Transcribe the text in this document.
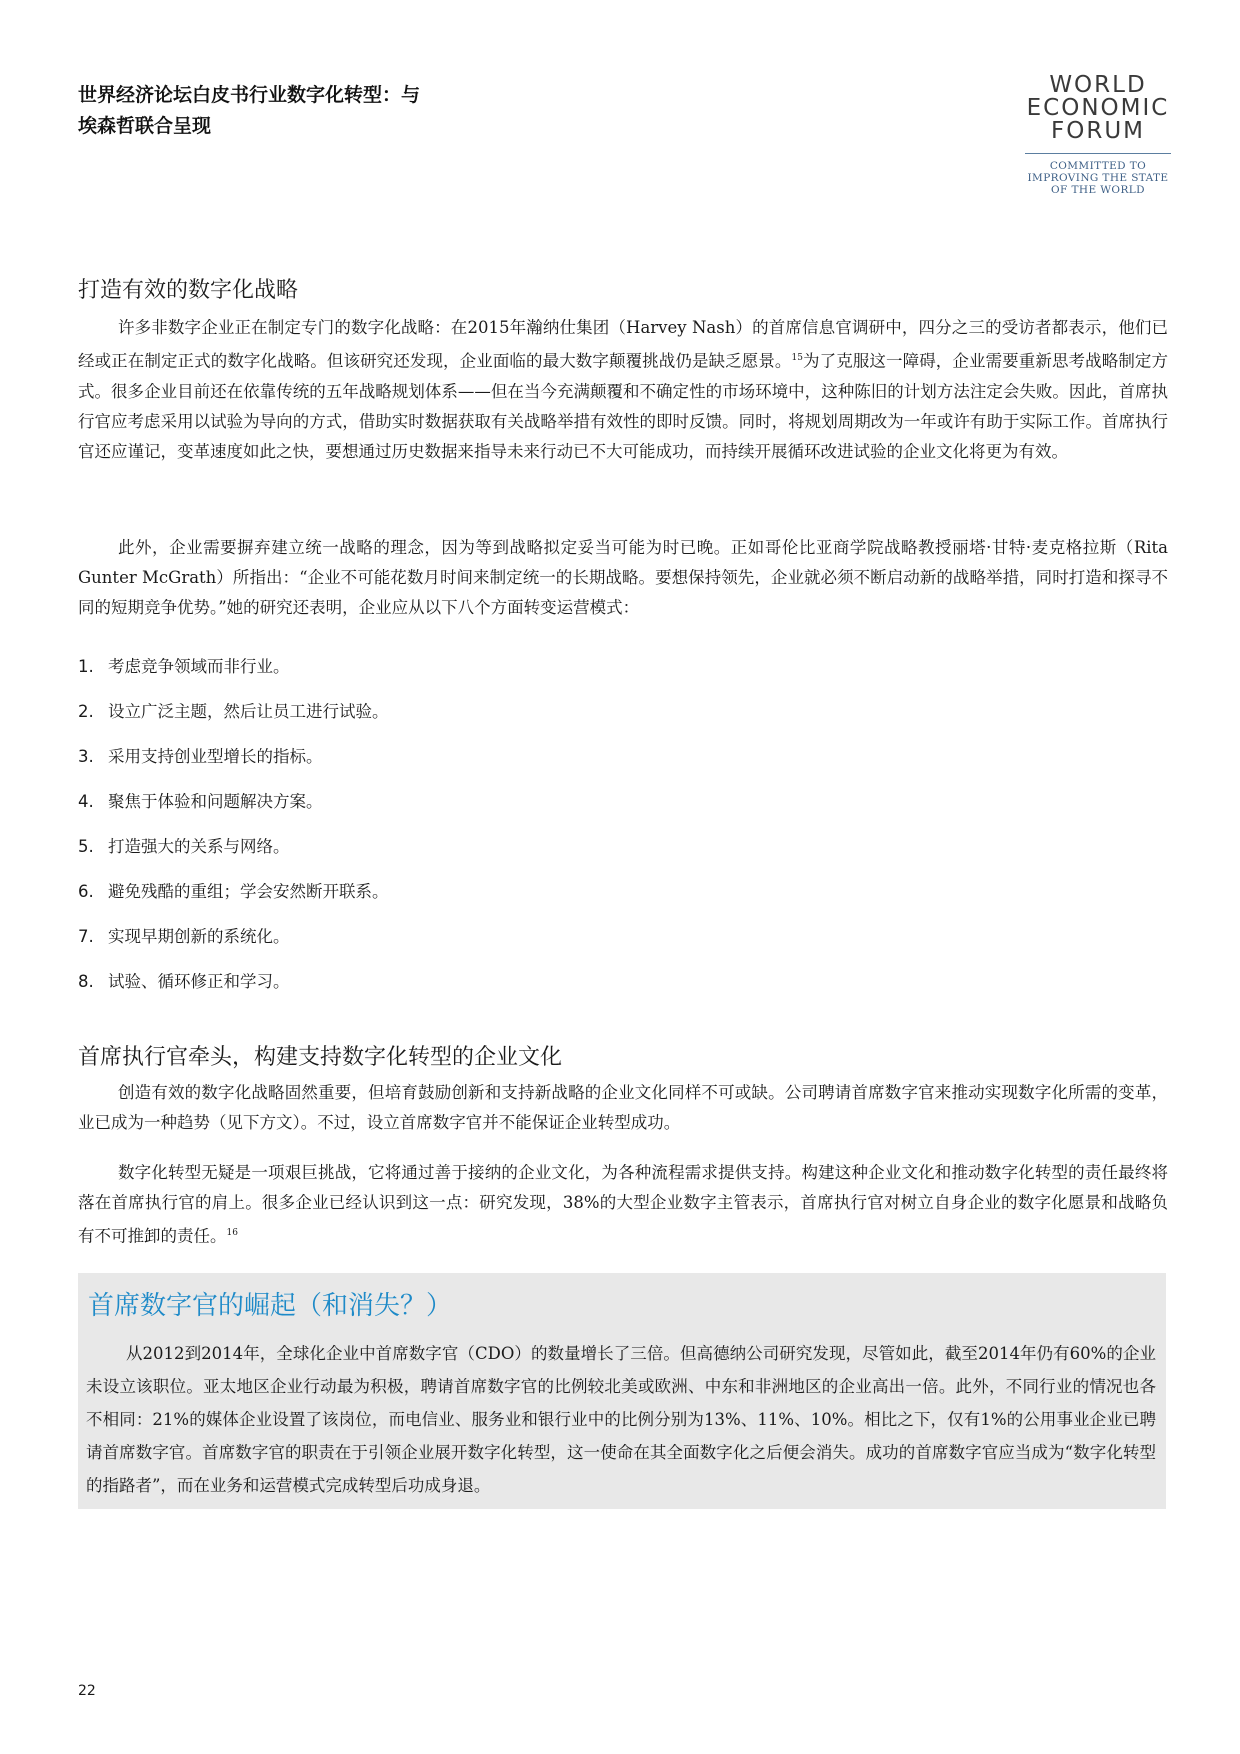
世界经济论坛白皮书行业数字化转型：与埃森哲联合呈现
WORLD
ECONOMIC
FORUM
COMMITTED TO
IMPROVING THE STATE
OF THE WORLD
打造有效的数字化战略

许多非数字企业正在制定专门的数字化战略：在2015年瀚纳仕集团（Harvey Nash）的首席信息官调研中，四分之三的受访者都表示，他们已经或正在制定正式的数字化战略。但该研究还发现，企业面临的最大数字颠覆挑战仍是缺乏愿景。$^{15}$为了克服这一障碍，企业需要重新思考战略制定方式。很多企业目前还在依靠传统的五年战略规划体系——但在当今充满颠覆和不确定性的市场环境中，这种陈旧的计划方法注定会失败。因此，首席执行官应考虑采用以试验为导向的方式，借助实时数据获取有关战略举措有效性的即时反馈。同时，将规划周期改为一年或许有助于实际工作。首席执行官还应谨记，变革速度如此之快，要想通过历史数据来指导未来行动已不大可能成功，而持续开展循环改进试验的企业文化将更为有效。

此外，企业需要摒弃建立统一战略的理念，因为等到战略拟定妥当可能为时已晚。正如哥伦比亚商学院战略教授丽塔·甘特·麦克格拉斯（Rita Gunter McGrath）所指出：“企业不可能花数月时间来制定统一的长期战略。要想保持领先，企业就必须不断启动新的战略举措，同时打造和探寻不同的短期竞争优势。”她的研究还表明，企业应从以下八个方面转变运营模式：

1. 考虑竞争领域而非行业。
2. 设立广泛主题，然后让员工进行试验。
3. 采用支持创业型增长的指标。
4. 聚焦于体验和问题解决方案。
5. 打造强大的关系与网络。
6. 避免残酷的重组；学会安然断开联系。
7. 实现早期创新的系统化。
8. 试验、循环修正和学习。
首席执行官牵头，构建支持数字化转型的企业文化

创造有效的数字化战略固然重要，但培育鼓励创新和支持新战略的企业文化同样不可或缺。公司聘请首席数字官来推动实现数字化所需的变革，业已成为一种趋势（见下方文）。不过，设立首席数字官并不能保证企业转型成功。

数字化转型无疑是一项艰巨挑战，它将通过善于接纳的企业文化，为各种流程需求提供支持。构建这种企业文化和推动数字化转型的责任最终将落在首席执行官的肩上。很多企业已经认识到这一点：研究发现，38%的大型企业数字主管表示，首席执行官对树立自身企业的数字化愿景和战略负有不可推卸的责任。$^{16}$

首席数字官的崛起（和消失？）

从2012到2014年，全球化企业中首席数字官（CDO）的数量增长了三倍。但高德纳公司研究发现，尽管如此，截至2014年仍有60%的企业未设立该职位。亚太地区企业行动最为积极，聘请首席数字官的比例较北美或欧洲、中东和非洲地区的企业高出一倍。此外，不同行业的情况也各不相同：21%的媒体企业设置了该岗位，而电信业、服务业和银行业中的比例分别为13%、11%、10%。相比之下，仅有1%的公用事业企业已聘请首席数字官。首席数字官的职责在于引领企业展开数字化转型，这一使命在其全面数字化之后便会消失。成功的首席数字官应当成为“数字化转型的指路者”，而在业务和运营模式完成转型后功成身退。

22
